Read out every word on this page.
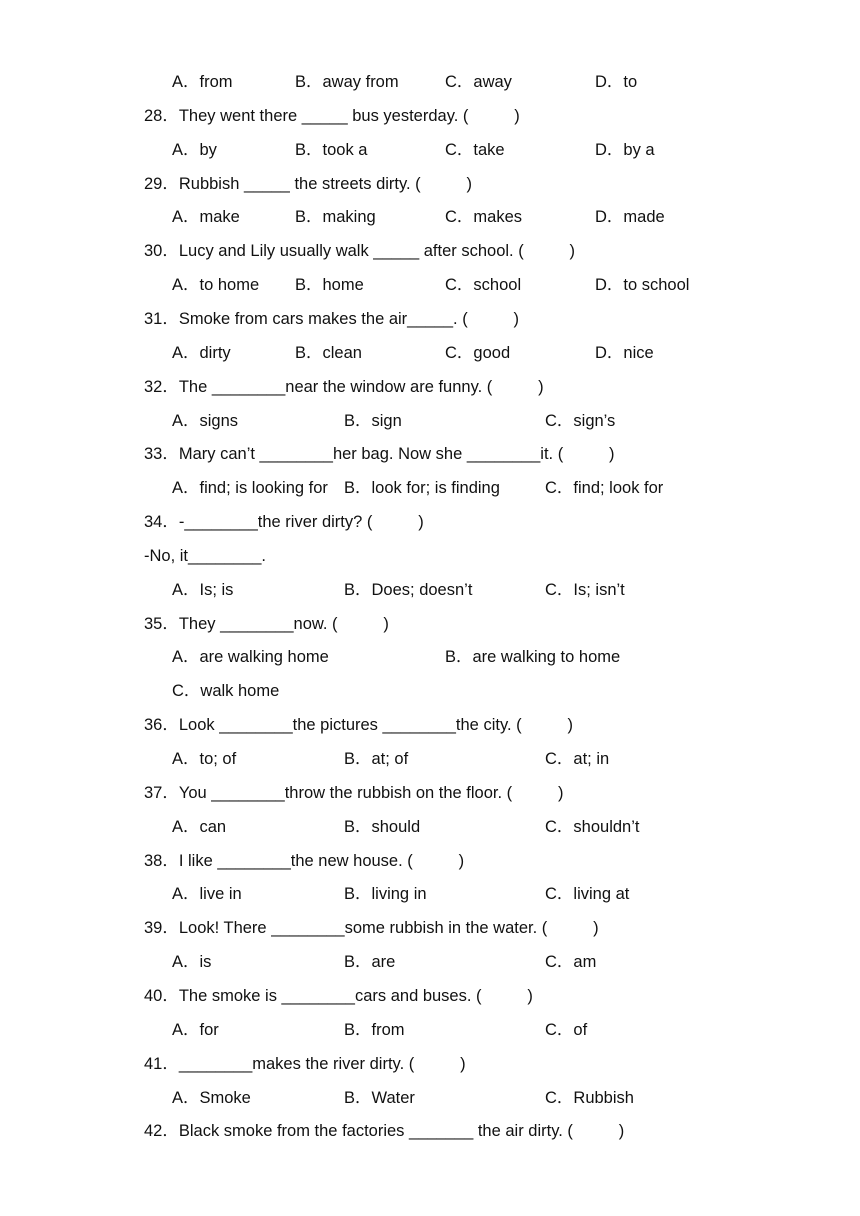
A．from	B．away from	C．away	D．to
28．They went there _____ bus yesterday. (          )
A．by	B．took a	C．take	D．by a
29．Rubbish _____ the streets dirty. (          )
A．make	B．making	C．makes	D．made
30．Lucy and Lily usually walk _____ after school. (          )
A．to home B．home	C．school	D．to school
31．Smoke from cars makes the air_____. (          )
A．dirty	B．clean	C．good	D．nice
32．The ________near the window are funny. (          )
A．signs	B．sign	C．sign’s
33．Mary can’t ________her bag. Now she ________it. (          )
A．find; is looking for B．look for; is finding	C．find; look for
34．-________the river dirty? (          )
-No, it________.
A．Is; is	B．Does; doesn’t	C．Is; isn’t
35．They ________now. (          )
A．are walking home	B．are walking to home
C．walk home
36．Look ________the pictures ________the city. (          )
A．to; of	B．at; of	C．at; in
37．You ________throw the rubbish on the floor. (          )
A．can	B．should	C．shouldn’t
38．I like ________the new house. (          )
A．live in	B．living in	C．living at
39．Look! There ________some rubbish in the water. (          )
A．is	B．are	C．am
40．The smoke is ________cars and buses. (          )
A．for	B．from	C．of
41．________makes the river dirty. (          )
A．Smoke	B．Water	C．Rubbish
42．Black smoke from the factories _______ the air dirty. (          )
